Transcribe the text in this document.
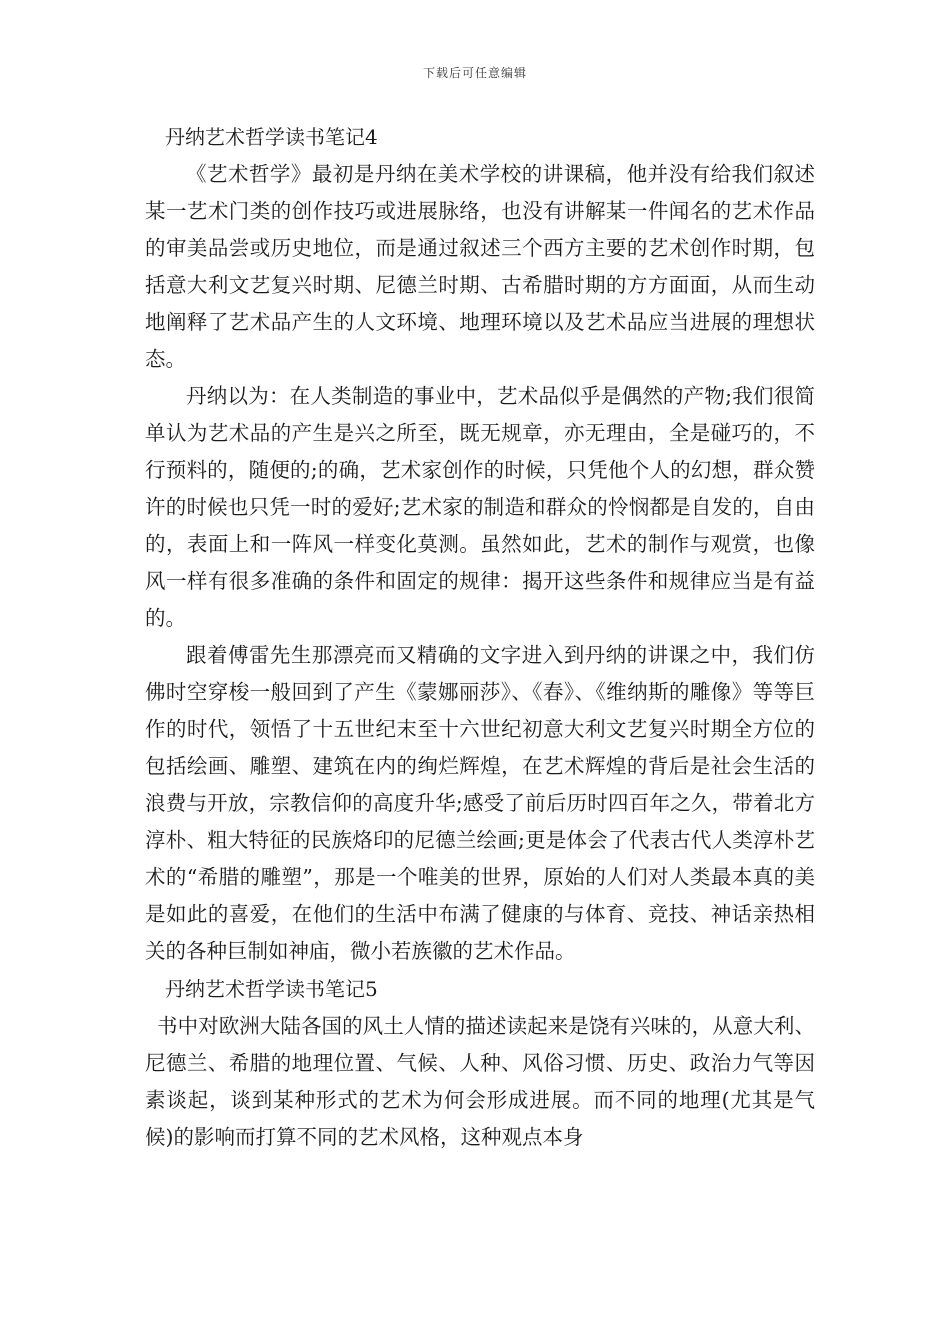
下载后可任意编辑
丹纳艺术哲学读书笔记4

《艺术哲学》最初是丹纳在美术学校的讲课稿，他并没有给我们叙述某一艺术门类的创作技巧或进展脉络，也没有讲解某一件闻名的艺术作品的审美品尝或历史地位，而是通过叙述三个西方主要的艺术创作时期，包括意大利文艺复兴时期、尼德兰时期、古希腊时期的方方面面，从而生动地阐释了艺术品产生的人文环境、地理环境以及艺术品应当进展的理想状态。

丹纳以为：在人类制造的事业中，艺术品似乎是偶然的产物;我们很简单认为艺术品的产生是兴之所至，既无规章，亦无理由，全是碰巧的，不行预料的，随便的;的确，艺术家创作的时候，只凭他个人的幻想，群众赞许的时候也只凭一时的爱好;艺术家的制造和群众的怜悯都是自发的，自由的，表面上和一阵风一样变化莫测。虽然如此，艺术的制作与观赏，也像风一样有很多准确的条件和固定的规律：揭开这些条件和规律应当是有益的。

跟着傅雷先生那漂亮而又精确的文字进入到丹纳的讲课之中，我们仿佛时空穿梭一般回到了产生《蒙娜丽莎》、《春》、《维纳斯的雕像》等等巨作的时代，领悟了十五世纪末至十六世纪初意大利文艺复兴时期全方位的包括绘画、雕塑、建筑在内的绚烂辉煌，在艺术辉煌的背后是社会生活的浪费与开放，宗教信仰的高度升华;感受了前后历时四百年之久，带着北方淳朴、粗大特征的民族烙印的尼德兰绘画;更是体会了代表古代人类淳朴艺术的“希腊的雕塑”，那是一个唯美的世界，原始的人们对人类最本真的美是如此的喜爱，在他们的生活中布满了健康的与体育、竞技、神话亲热相关的各种巨制如神庙，微小若族徽的艺术作品。

丹纳艺术哲学读书笔记5

书中对欧洲大陆各国的风土人情的描述读起来是饶有兴味的，从意大利、尼德兰、希腊的地理位置、气候、人种、风俗习惯、历史、政治力气等因素谈起，谈到某种形式的艺术为何会形成进展。而不同的地理(尤其是气候)的影响而打算不同的艺术风格，这种观点本身
